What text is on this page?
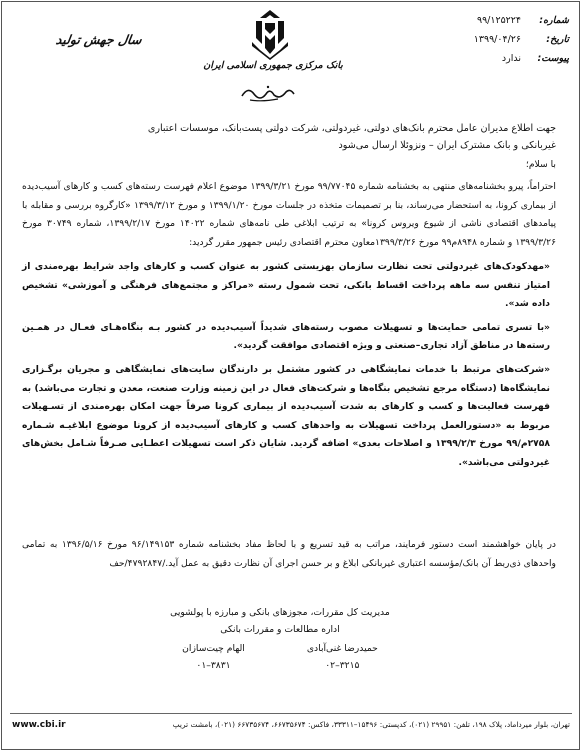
شماره:
۹۹/۱۲۵۲۲۴
تاریخ:
۱۳۹۹/۰۴/۲۶
پیوست:
ندارد
بانک مرکزی جمهوری اسلامی ایران
سال جهش تولید
جهت اطلاع مدیران عامل محترم بانک‌های دولتی، غیردولتی، شرکت دولتی پست‌بانک، موسسات اعتباری
غیربانکی و بانک مشترک ایران – ونزوئلا ارسال می‌شود
با سلام؛
احتراماً، پیرو بخشنامه‌های منتهی به بخشنامه شماره ۹۹/۷۷۰۴۵ مورخ ۱۳۹۹/۳/۲۱ موضوع اعلام فهرست رسته‌های کسب و کارهای آسیب‌دیده از بیماری کرونا، به استحضار می‌رساند، بنا بر تصمیمات متخذه در جلسات مورخ ۱۳۹۹/۱/۲۰ و مورخ ۱۳۹۹/۳/۱۲ «کارگروه بررسی و مقابله با پیامدهای اقتصادی ناشی از شیوع ویروس کرونا» به ترتیب ابلاغی طی نامه‌های شماره ۱۴۰۲۲ مورخ ۱۳۹۹/۲/۱۷، شماره ۳۰۷۴۹ مورخ ۱۳۹۹/۳/۲۶ و شماره ۸۹۴۸م۹۹ مورخ ۱۳۹۹/۳/۲۶معاون محترم اقتصادی رئیس جمهور مقرر گردید:

«مهدکودک‌های غیردولتی تحت نظارت سازمان بهزیستی کشور به عنوان کسب و کارهای واجد شرایط بهره‌مندی از امتیاز تنفس سه ماهه پرداخت اقساط بانکی، تحت شمول رسته «مراکز و مجتمع‌های فرهنگی و آموزشی» تشخیص داده شد».

«با تسری تمامی حمایت‌ها و تسهیلات مصوب رسته‌های شدیداً آسیب‌دیده در کشور بـه بنگاه‌هـای فعـال در همـین رسته‌ها در مناطق آزاد تجاری–صنعتی و ویژه اقتصادی موافقت گردید».

«شرکت‌های مرتبط با خدمات نمایشگاهی در کشور مشتمل بر دارندگان سایت‌های نمایشگاهی و مجریان برگـزاری نمایشگاه‌ها (دستگاه مرجع تشخیص بنگاه‌ها و شرکت‌های فعال در این زمینه وزارت صنعت، معدن و تجارت می‌باشد) به فهرست فعالیت‌ها و کسب و کارهای به شدت آسیب‌دیده از بیماری کرونا صرفاً جهت امکان بهره‌مندی از تسـهیلات مربوط به «دستورالعمل پرداخت تسهیلات به واحدهای کسب و کارهای آسیب‌دیده از کرونا موضوع ابلاغیـه شـماره ۲۷۵۸م/۹۹ مورخ ۱۳۹۹/۲/۳ و اصلاحات بعدی» اضافه گردید. شایان ذکر است تسهیلات اعطـایی صـرفاً شـامل بخش‌های غیردولتی می‌باشد».

در پایان خواهشمند است دستور فرمایند، مراتب به قید تسریع و با لحاظ مفاد بخشنامه شماره ۹۶/۱۴۹۱۵۳ مورخ ۱۳۹۶/۵/۱۶ به تمامی واحدهای ذی‌ربط آن بانک/مؤسسه اعتباری غیربانکی ابلاغ و بر حسن اجرای آن نظارت دقیق به عمل آید./۴۷۹۲۸۴۷/حف
مدیریت کل مقررات، مجوزهای بانکی و مبارزه با پولشویی
اداره مطالعات و مقررات بانکی
حمیدرضا غنی‌آبادی
۳۲۱۵–۰۲
الهام چیت‌سازان
۳۸۳۱–۰۱
www.cbi.ir	تهران، بلوار میرداماد، پلاک ۱۹۸، تلفن: ۲۹۹۵۱ (۰۲۱)، کدپستی: ۱۵۴۹۶–۳۳۳۱۱، فاکس: ۶۶۷۳۵۶۷۴، ۶۶۷۳۵۶۷۴ (۰۲۱)، بامشت تریپ
